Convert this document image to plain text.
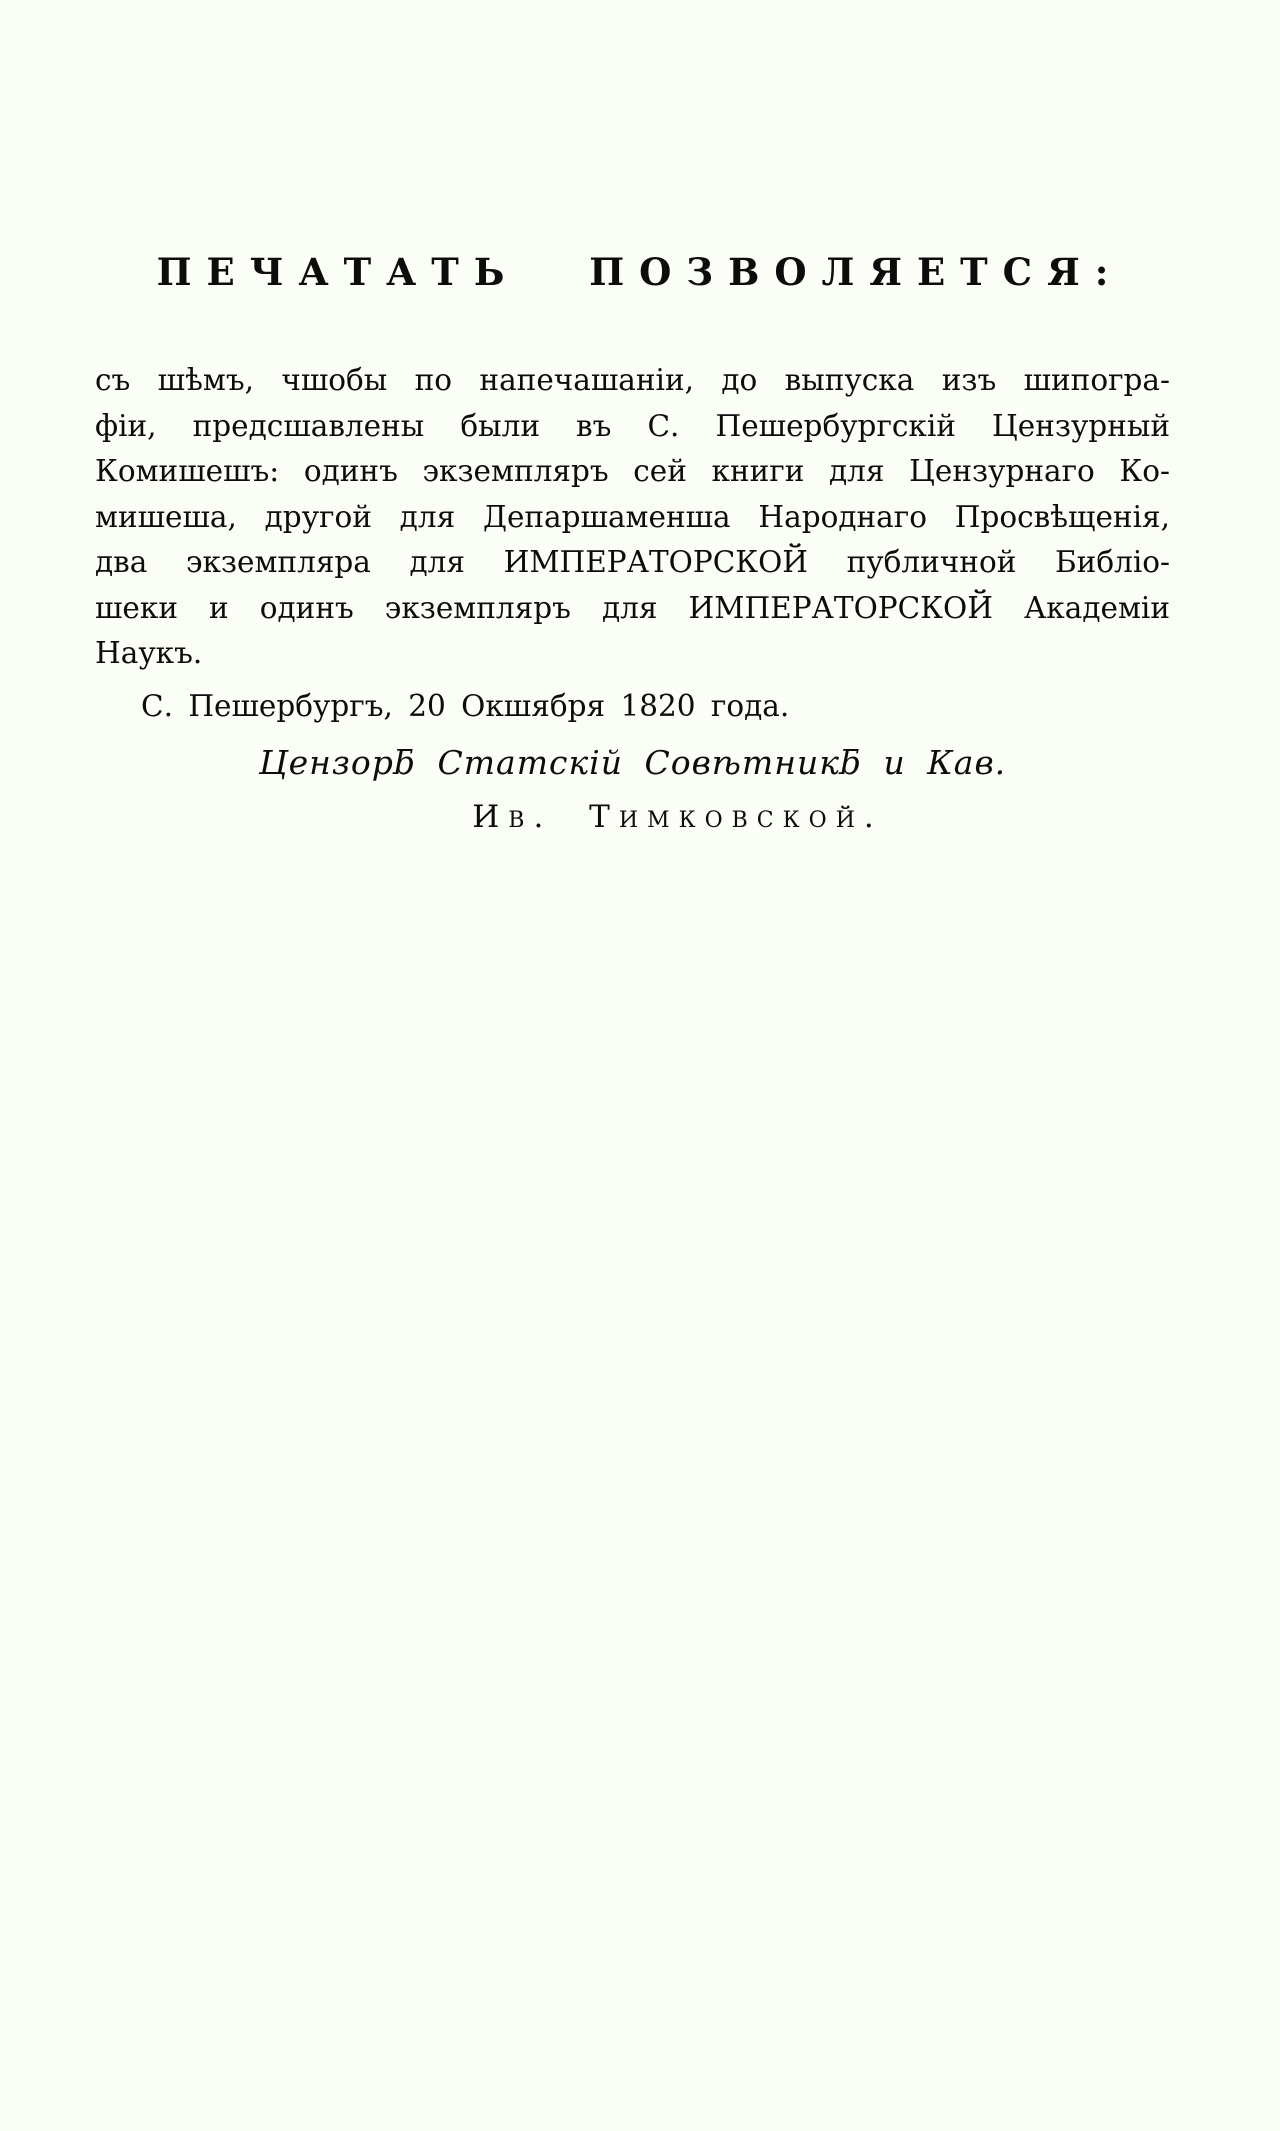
ПЕЧАТАТЬ ПОЗВОЛЯЕТСЯ:
съ шѣмъ, чшобы по напечашаніи, до выпуска изъ шипогра-
фіи, предсшавлены были въ С. Пешербургскій Цензурный
Комишешъ: одинъ экземпляръ сей книги для Цензурнаго Ко-
мишеша, другой для Депаршаменша Народнаго Просвѣщенія,
два экземпляра для ИМПЕРАТОРСКОЙ публичной Библіо-
шеки и одинъ экземпляръ для ИМПЕРАТОРСКОЙ Академіи
Наукъ.
С. Пешербургъ, 20 Окшября 1820 года.
Цензорƃ Статскій Совѣтникƃ и Кав.
Ив. Тимковской.
